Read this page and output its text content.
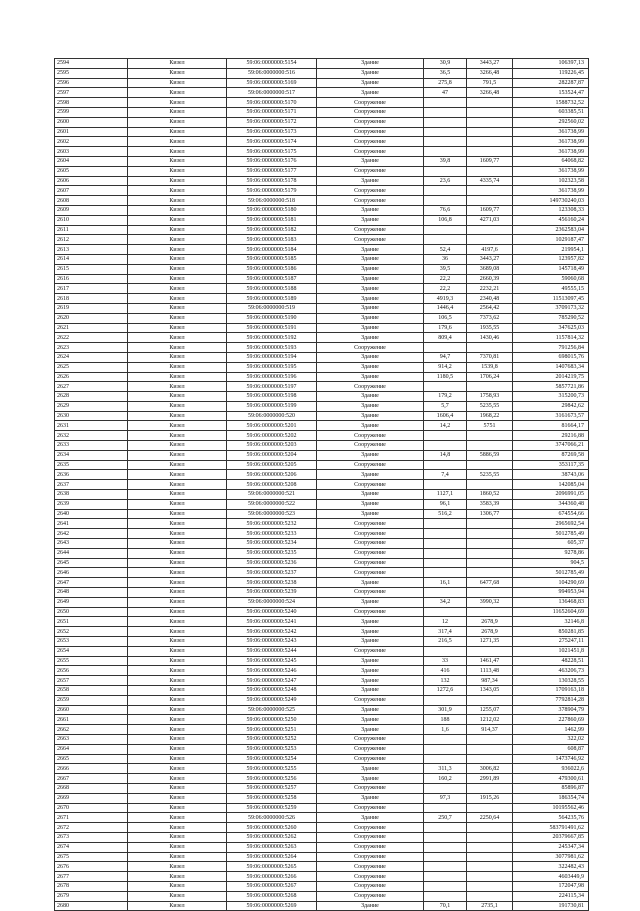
2594	Кизел	59:06:0000000:5154	Здание	30,9	3443,27	106397,13
2595	Кизел	59:06:0000000:516	Здание	36,5	3266,48	119226,45
2596	Кизел	59:06:0000000:5169	Здание	275,8	791,5	282287,87
2597	Кизел	59:06:0000000:517	Здание	47	3266,48	153524,47
2598	Кизел	59:06:0000000:5170	Сооружение			1588732,52
2599	Кизел	59:06:0000000:5171	Сооружение			603385,51
2600	Кизел	59:06:0000000:5172	Сооружение			292560,02
2601	Кизел	59:06:0000000:5173	Сооружение			361738,99
2602	Кизел	59:06:0000000:5174	Сооружение			361738,99
2603	Кизел	59:06:0000000:5175	Сооружение			361738,99
2604	Кизел	59:06:0000000:5176	Здание	39,8	1609,77	64068,82
2605	Кизел	59:06:0000000:5177	Сооружение			361738,99
2606	Кизел	59:06:0000000:5178	Здание	23,6	4335,74	102323,58
2607	Кизел	59:06:0000000:5179	Сооружение			361738,99
2608	Кизел	59:06:0000000:518	Сооружение			149730240,03
2609	Кизел	59:06:0000000:5180	Здание	76,6	1609,77	123308,33
2610	Кизел	59:06:0000000:5181	Здание	106,8	4271,03	456160,24
2611	Кизел	59:06:0000000:5182	Сооружение			2362583,04
2612	Кизел	59:06:0000000:5183	Сооружение			1029187,47
2613	Кизел	59:06:0000000:5184	Здание	52,4	4197,6	219954,1
2614	Кизел	59:06:0000000:5185	Здание	36	3443,27	123957,82
2615	Кизел	59:06:0000000:5186	Здание	39,5	3689,08	145718,49
2616	Кизел	59:06:0000000:5187	Здание	22,2	2660,39	59060,68
2617	Кизел	59:06:0000000:5188	Здание	22,2	2232,21	49555,15
2618	Кизел	59:06:0000000:5189	Здание	4919,3	2340,48	11513097,45
2619	Кизел	59:06:0000000:519	Здание	1446,4	2564,42	3709173,32
2620	Кизел	59:06:0000000:5190	Здание	106,5	7373,62	785290,52
2621	Кизел	59:06:0000000:5191	Здание	179,6	1935,55	347625,03
2622	Кизел	59:06:0000000:5192	Здание	809,4	1430,46	1157814,32
2623	Кизел	59:06:0000000:5193	Сооружение			791256,84
2624	Кизел	59:06:0000000:5194	Здание	94,7	7370,81	698015,76
2625	Кизел	59:06:0000000:5195	Здание	914,2	1539,8	1407683,34
2626	Кизел	59:06:0000000:5196	Здание	1180,5	1706,24	2014219,75
2627	Кизел	59:06:0000000:5197	Сооружение			5857721,86
2628	Кизел	59:06:0000000:5198	Здание	179,2	1758,93	315200,73
2629	Кизел	59:06:0000000:5199	Здание	5,7	5235,55	29842,62
2630	Кизел	59:06:0000000:520	Здание	1606,4	1968,22	3161673,57
2631	Кизел	59:06:0000000:5201	Здание	14,2	5751	81664,17
2632	Кизел	59:06:0000000:5202	Сооружение			29216,88
2633	Кизел	59:06:0000000:5203	Сооружение			3747066,21
2634	Кизел	59:06:0000000:5204	Здание	14,8	5886,59	87269,58
2635	Кизел	59:06:0000000:5205	Сооружение			353117,35
2636	Кизел	59:06:0000000:5206	Здание	7,4	5235,55	38743,06
2637	Кизел	59:06:0000000:5208	Сооружение			142085,04
2638	Кизел	59:06:0000000:521	Здание	1127,1	1860,52	2096991,05
2639	Кизел	59:06:0000000:522	Здание	96,1	3583,39	344360,48
2640	Кизел	59:06:0000000:523	Здание	516,2	1306,77	674554,66
2641	Кизел	59:06:0000000:5232	Сооружение			2965692,54
2642	Кизел	59:06:0000000:5233	Сооружение			5012785,49
2643	Кизел	59:06:0000000:5234	Сооружение			605,37
2644	Кизел	59:06:0000000:5235	Сооружение			9278,86
2645	Кизел	59:06:0000000:5236	Сооружение			904,5
2646	Кизел	59:06:0000000:5237	Сооружение			5012785,49
2647	Кизел	59:06:0000000:5238	Здание	16,1	6477,68	104290,69
2648	Кизел	59:06:0000000:5239	Сооружение			994953,94
2649	Кизел	59:06:0000000:524	Здание	34,2	3990,32	136468,83
2650	Кизел	59:06:0000000:5240	Сооружение			11652604,69
2651	Кизел	59:06:0000000:5241	Здание	12	2678,9	32146,8
2652	Кизел	59:06:0000000:5242	Здание	317,4	2678,9	850281,85
2653	Кизел	59:06:0000000:5243	Здание	216,5	1271,35	275247,11
2654	Кизел	59:06:0000000:5244	Сооружение			1021451,8
2655	Кизел	59:06:0000000:5245	Здание	33	1461,47	48228,51
2656	Кизел	59:06:0000000:5246	Здание	416	1113,48	463206,73
2657	Кизел	59:06:0000000:5247	Здание	132	987,34	130328,55
2658	Кизел	59:06:0000000:5248	Здание	1272,6	1343,05	1709163,18
2659	Кизел	59:06:0000000:5249	Сооружение			7792814,28
2660	Кизел	59:06:0000000:525	Здание	301,9	1255,07	378904,79
2661	Кизел	59:06:0000000:5250	Здание	188	1212,02	227860,69
2662	Кизел	59:06:0000000:5251	Здание	1,6	914,37	1462,99
2663	Кизел	59:06:0000000:5252	Сооружение			322,02
2664	Кизел	59:06:0000000:5253	Сооружение			608,87
2665	Кизел	59:06:0000000:5254	Сооружение			1473746,92
2666	Кизел	59:06:0000000:5255	Здание	311,3	3006,82	936022,6
2667	Кизел	59:06:0000000:5256	Здание	160,2	2991,89	479300,61
2668	Кизел	59:06:0000000:5257	Сооружение			85896,87
2669	Кизел	59:06:0000000:5258	Здание	97,3	1915,26	186354,74
2670	Кизел	59:06:0000000:5259	Сооружение			10195562,46
2671	Кизел	59:06:0000000:526	Здание	250,7	2250,64	564235,76
2672	Кизел	59:06:0000000:5260	Сооружение			583791491,62
2673	Кизел	59:06:0000000:5262	Сооружение			20379667,85
2674	Кизел	59:06:0000000:5263	Сооружение			245347,34
2675	Кизел	59:06:0000000:5264	Сооружение			3077981,62
2676	Кизел	59:06:0000000:5265	Сооружение			322482,43
2677	Кизел	59:06:0000000:5266	Сооружение			4603449,9
2678	Кизел	59:06:0000000:5267	Сооружение			172047,98
2679	Кизел	59:06:0000000:5268	Сооружение			224115,34
2680	Кизел	59:06:0000000:5269	Здание	70,1	2735,1	191730,81
